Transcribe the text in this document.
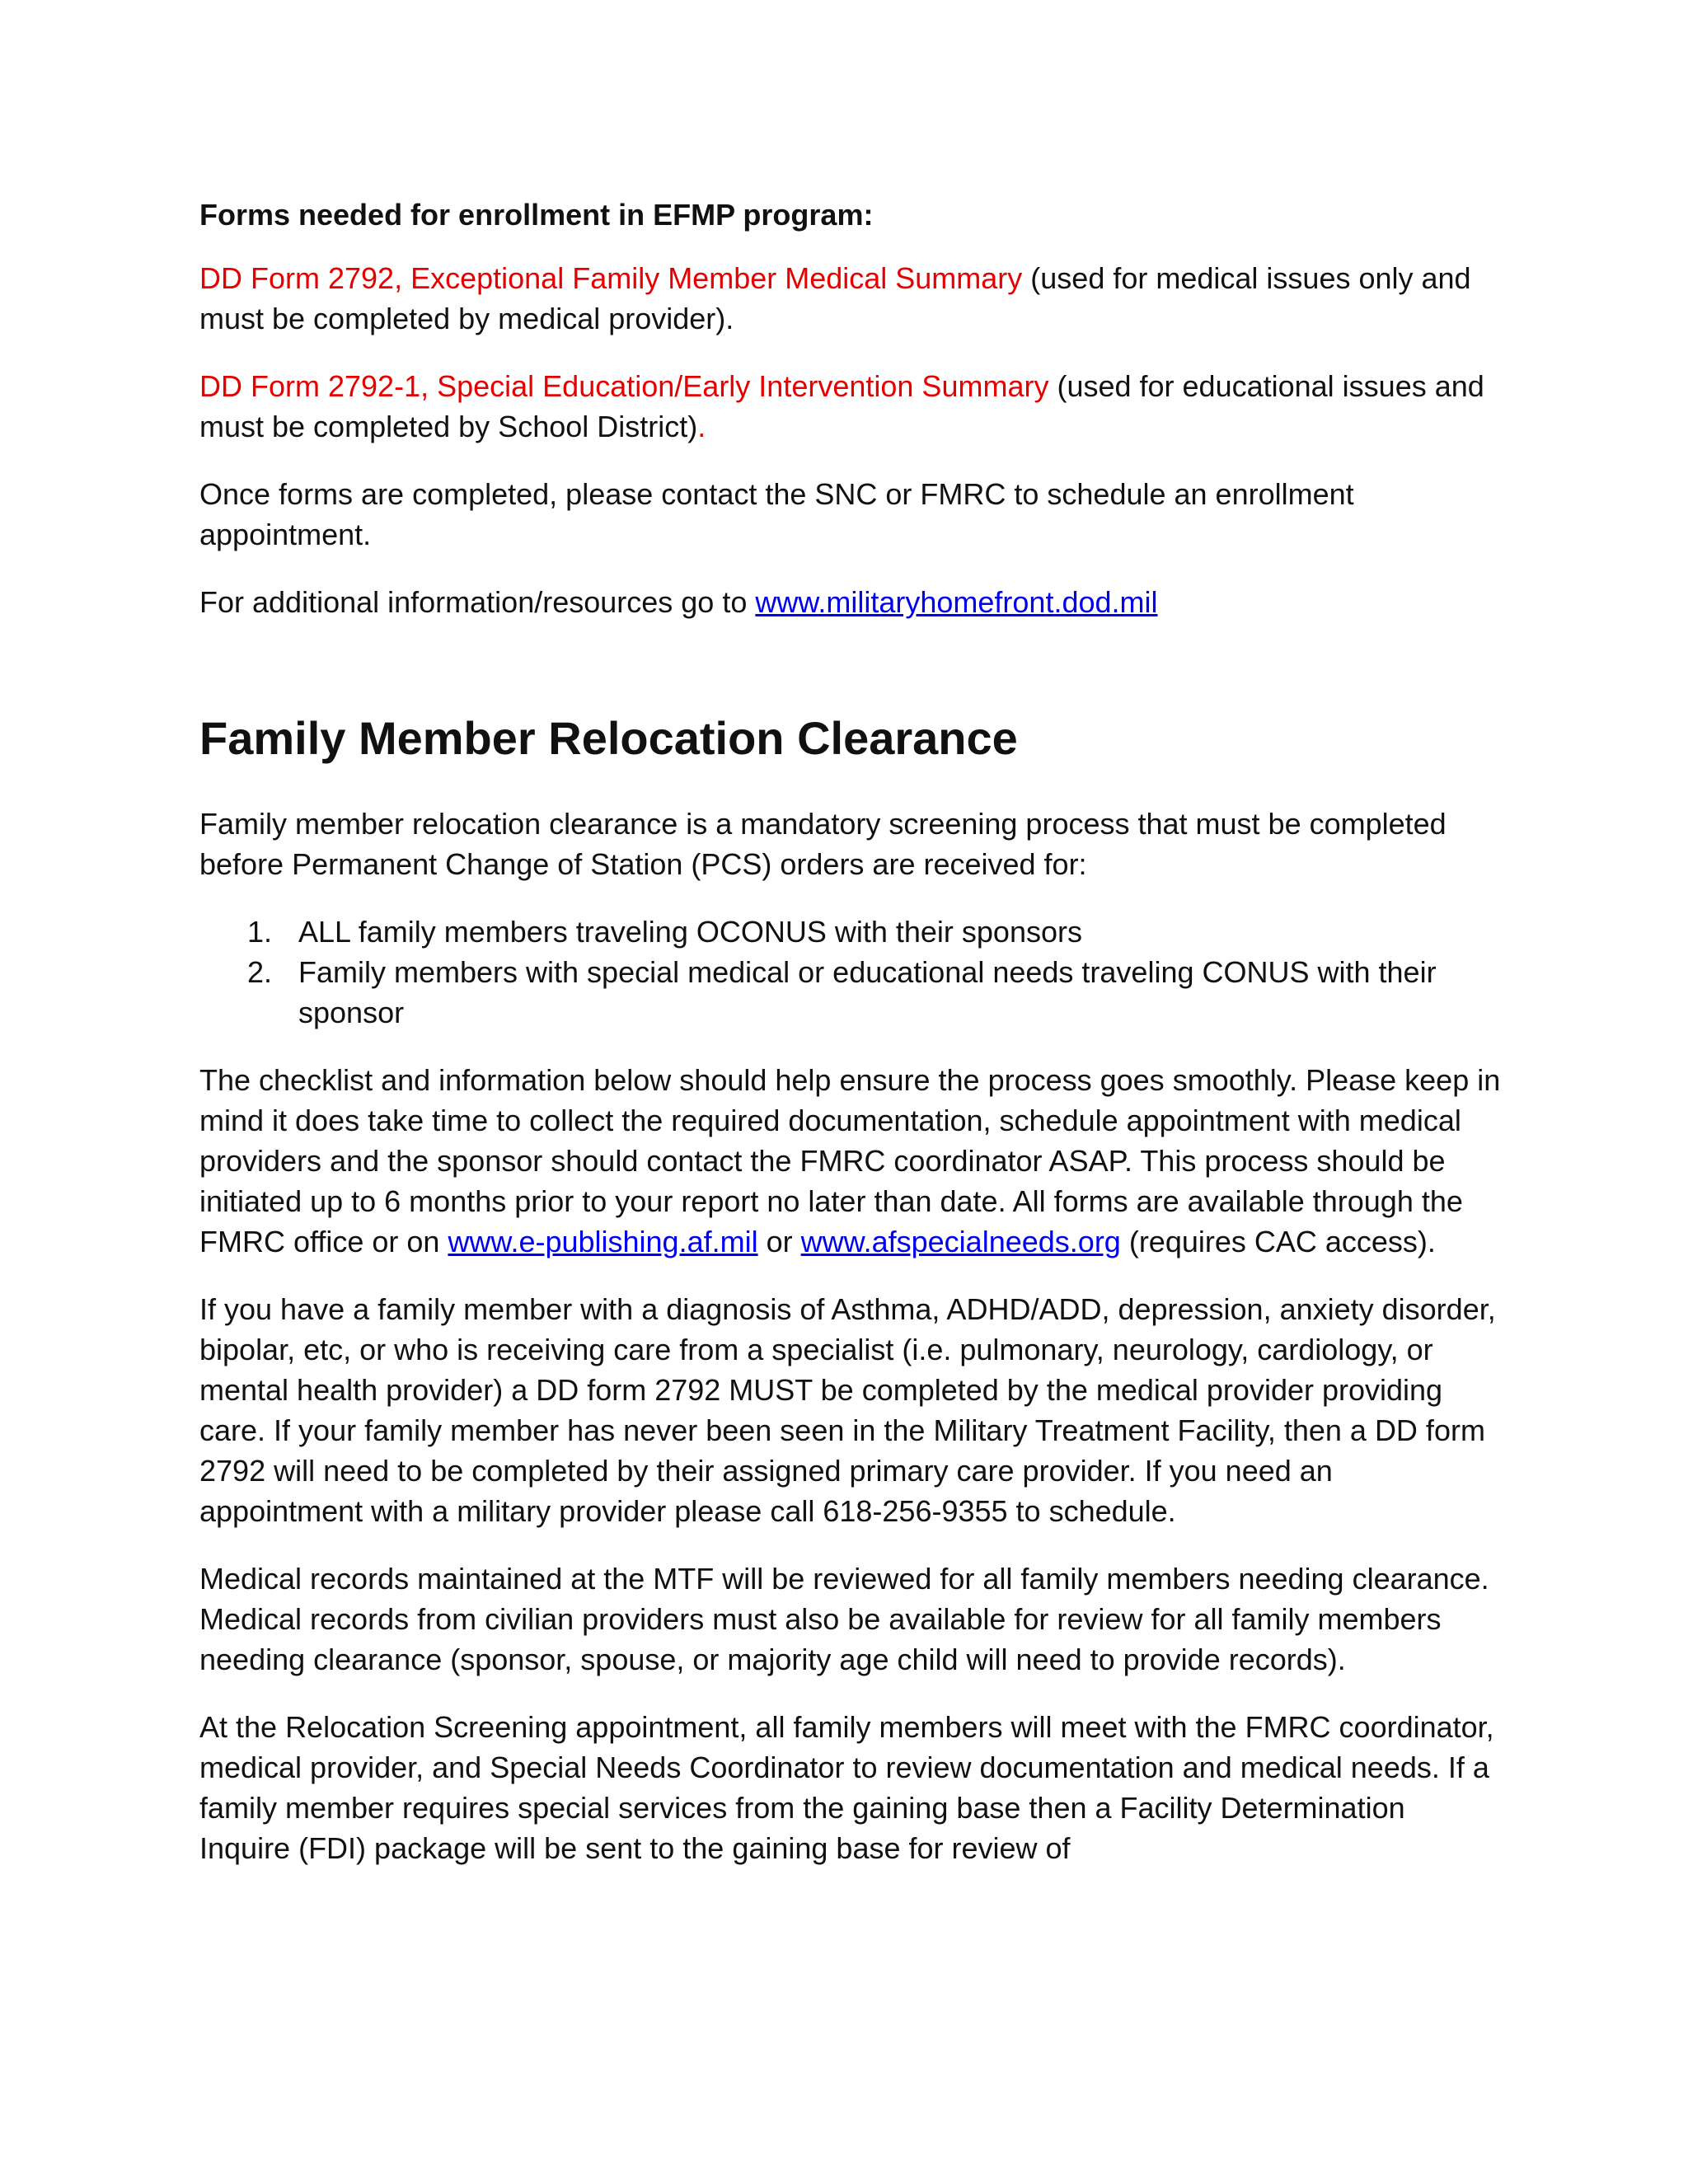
Forms needed for enrollment in EFMP program:

DD Form 2792, Exceptional Family Member Medical Summary (used for medical issues only and must be completed by medical provider).

DD Form 2792-1, Special Education/Early Intervention Summary (used for educational issues and must be completed by School District).

Once forms are completed, please contact the SNC or FMRC to schedule an enrollment appointment.

For additional information/resources go to www.militaryhomefront.dod.mil

Family Member Relocation Clearance

Family member relocation clearance is a mandatory screening process that must be completed before Permanent Change of Station (PCS) orders are received for:

1. ALL family members traveling OCONUS with their sponsors
2. Family members with special medical or educational needs traveling CONUS with their sponsor

The checklist and information below should help ensure the process goes smoothly. Please keep in mind it does take time to collect the required documentation, schedule appointment with medical providers and the sponsor should contact the FMRC coordinator ASAP. This process should be initiated up to 6 months prior to your report no later than date. All forms are available through the FMRC office or on www.e-publishing.af.mil or www.afspecialneeds.org (requires CAC access).

If you have a family member with a diagnosis of Asthma, ADHD/ADD, depression, anxiety disorder, bipolar, etc, or who is receiving care from a specialist (i.e. pulmonary, neurology, cardiology, or mental health provider) a DD form 2792 MUST be completed by the medical provider providing care. If your family member has never been seen in the Military Treatment Facility, then a DD form 2792 will need to be completed by their assigned primary care provider. If you need an appointment with a military provider please call 618-256-9355 to schedule.

Medical records maintained at the MTF will be reviewed for all family members needing clearance. Medical records from civilian providers must also be available for review for all family members needing clearance (sponsor, spouse, or majority age child will need to provide records).

At the Relocation Screening appointment, all family members will meet with the FMRC coordinator, medical provider, and Special Needs Coordinator to review documentation and medical needs. If a family member requires special services from the gaining base then a Facility Determination Inquire (FDI) package will be sent to the gaining base for review of
